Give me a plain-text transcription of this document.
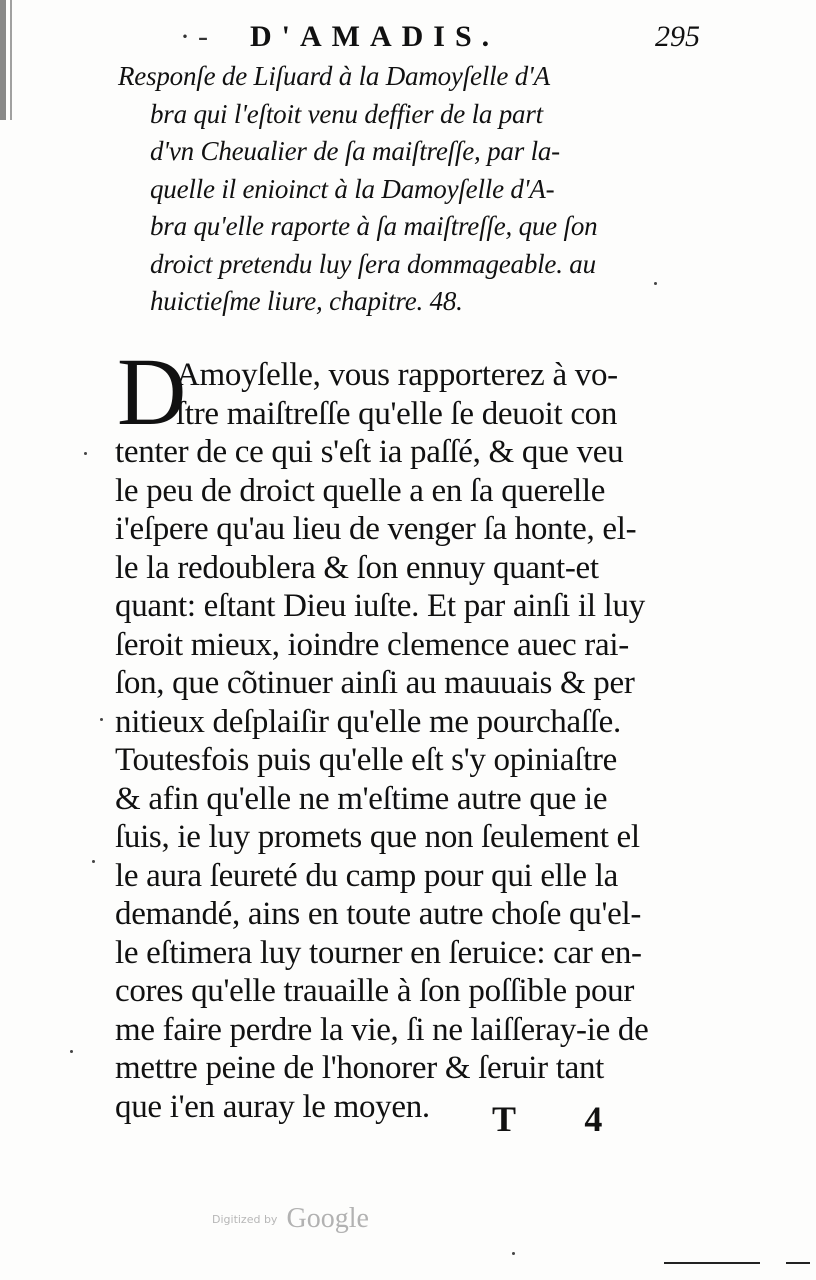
·- D'AMADIS.	295
Responſe de Liſuard à la Damoyſelle d'A
bra qui l'eſtoit venu deffier de la part
d'vn Cheualier de ſa maiſtreſſe, par la-
quelle il enioinct à la Damoyſelle d'A-
bra qu'elle raporte à ſa maiſtreſſe, que ſon
droict pretendu luy ſera dommageable. au
huictieſme liure, chapitre. 48.
D
Amoyſelle, vous rapporterez à vo-
ſtre maiſtreſſe qu'elle ſe deuoit con
tenter de ce qui s'eſt ia paſſé, & que veu
le peu de droict quelle a en ſa querelle
i'eſpere qu'au lieu de venger ſa honte, el-
le la redoublera & ſon ennuy quant-et
quant: eſtant Dieu iuſte. Et par ainſi il luy
ſeroit mieux, ioindre clemence auec rai-
ſon, que cõtinuer ainſi au mauuais & per
nitieux deſplaiſir qu'elle me pourchaſſe.
Toutesfois puis qu'elle eſt s'y opiniaſtre
& afin qu'elle ne m'eſtime autre que ie
ſuis, ie luy promets que non ſeulement el
le aura ſeureté du camp pour qui elle la
demandé, ains en toute autre choſe qu'el-
le eſtimera luy tourner en ſeruice: car en-
cores qu'elle trauaille à ſon poſſible pour
me faire perdre la vie, ſi ne laiſſeray-ie de
mettre peine de l'honorer & ſeruir tant
que i'en auray le moyen.	T 4
Digitized by Google
